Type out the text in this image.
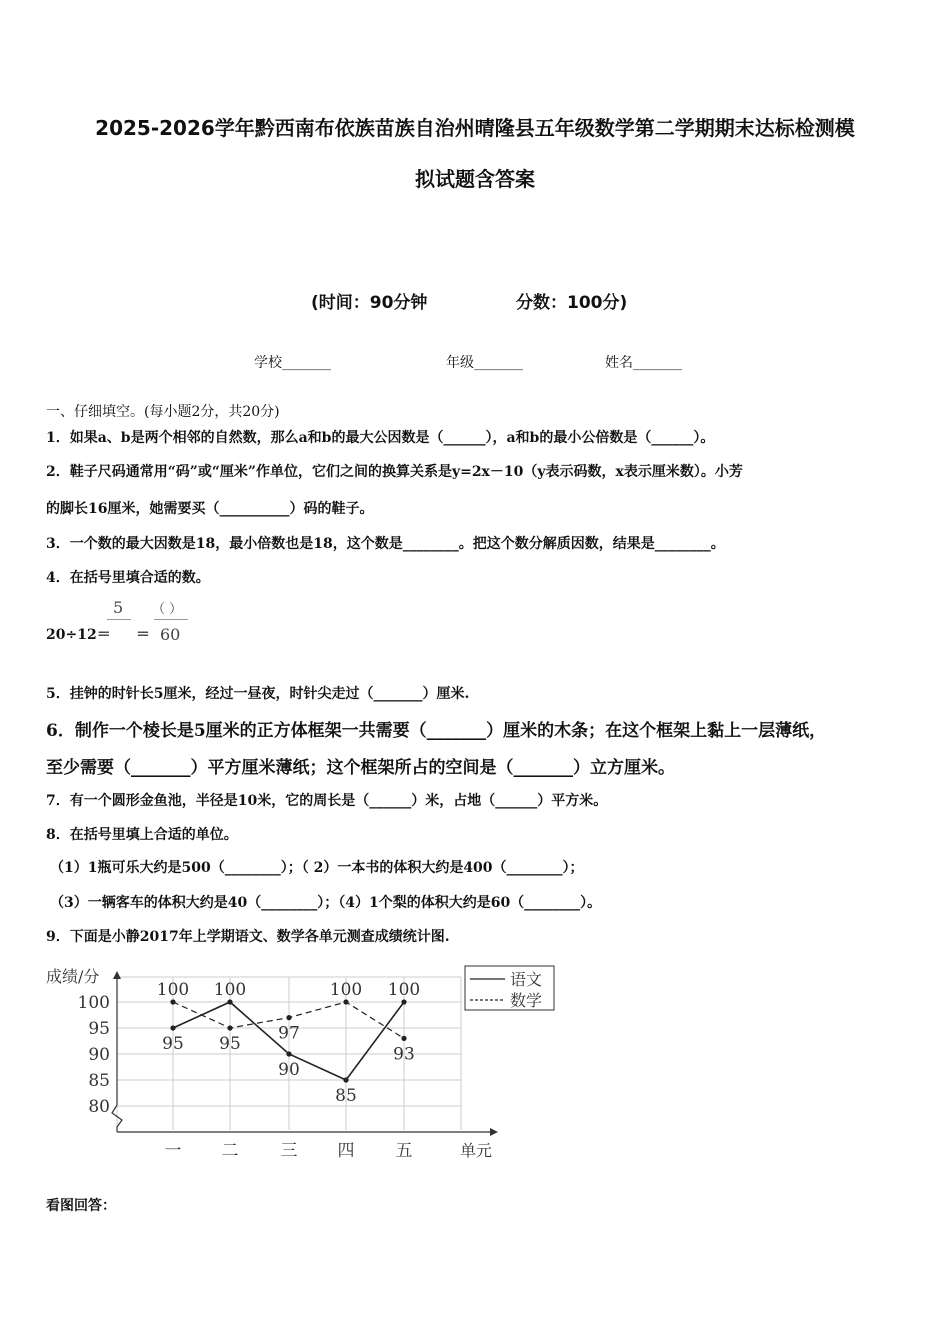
2025-2026学年黔西南布依族苗族自治州晴隆县五年级数学第二学期期末达标检测模
拟试题含答案
(时间：90分钟	分数：100分)
学校_______	年级_______	姓名_______
一、仔细填空。(每小题2分，共20分)
1．如果a、b是两个相邻的自然数，那么a和b的最大公因数是（______），a和b的最小公倍数是（______）。
2．鞋子尺码通常用“码”或“厘米”作单位，它们之间的换算关系是y=2x－10（y表示码数，x表示厘米数）。小芳
的脚长16厘米，她需要买（__________）码的鞋子。
3．一个数的最大因数是18，最小倍数也是18，这个数是________。把这个数分解质因数，结果是________。
4．在括号里填合适的数。
20÷12＝
5
＝
（ ）
60
5．挂钟的时针长5厘米，经过一昼夜，时针尖走过（_______）厘米.
6．制作一个棱长是5厘米的正方体框架一共需要（_______）厘米的木条；在这个框架上黏上一层薄纸，
至少需要（_______）平方厘米薄纸；这个框架所占的空间是（_______）立方厘米。
7．有一个圆形金鱼池，半径是10米，它的周长是（______）米，占地（______）平方米。
8．在括号里填上合适的单位。
（1）1瓶可乐大约是500（________）；（ 2）一本书的体积大约是400（________）；
（3）一辆客车的体积大约是40（________）；（4）1个梨的体积大约是60（________）。
9．下面是小静2017年上学期语文、数学各单元测查成绩统计图.
成绩/分
100
95
90
85
80
一 二 三 四 五	单元
95
100
90
85
100
100
95
97
100
93
语文
数学
看图回答：
